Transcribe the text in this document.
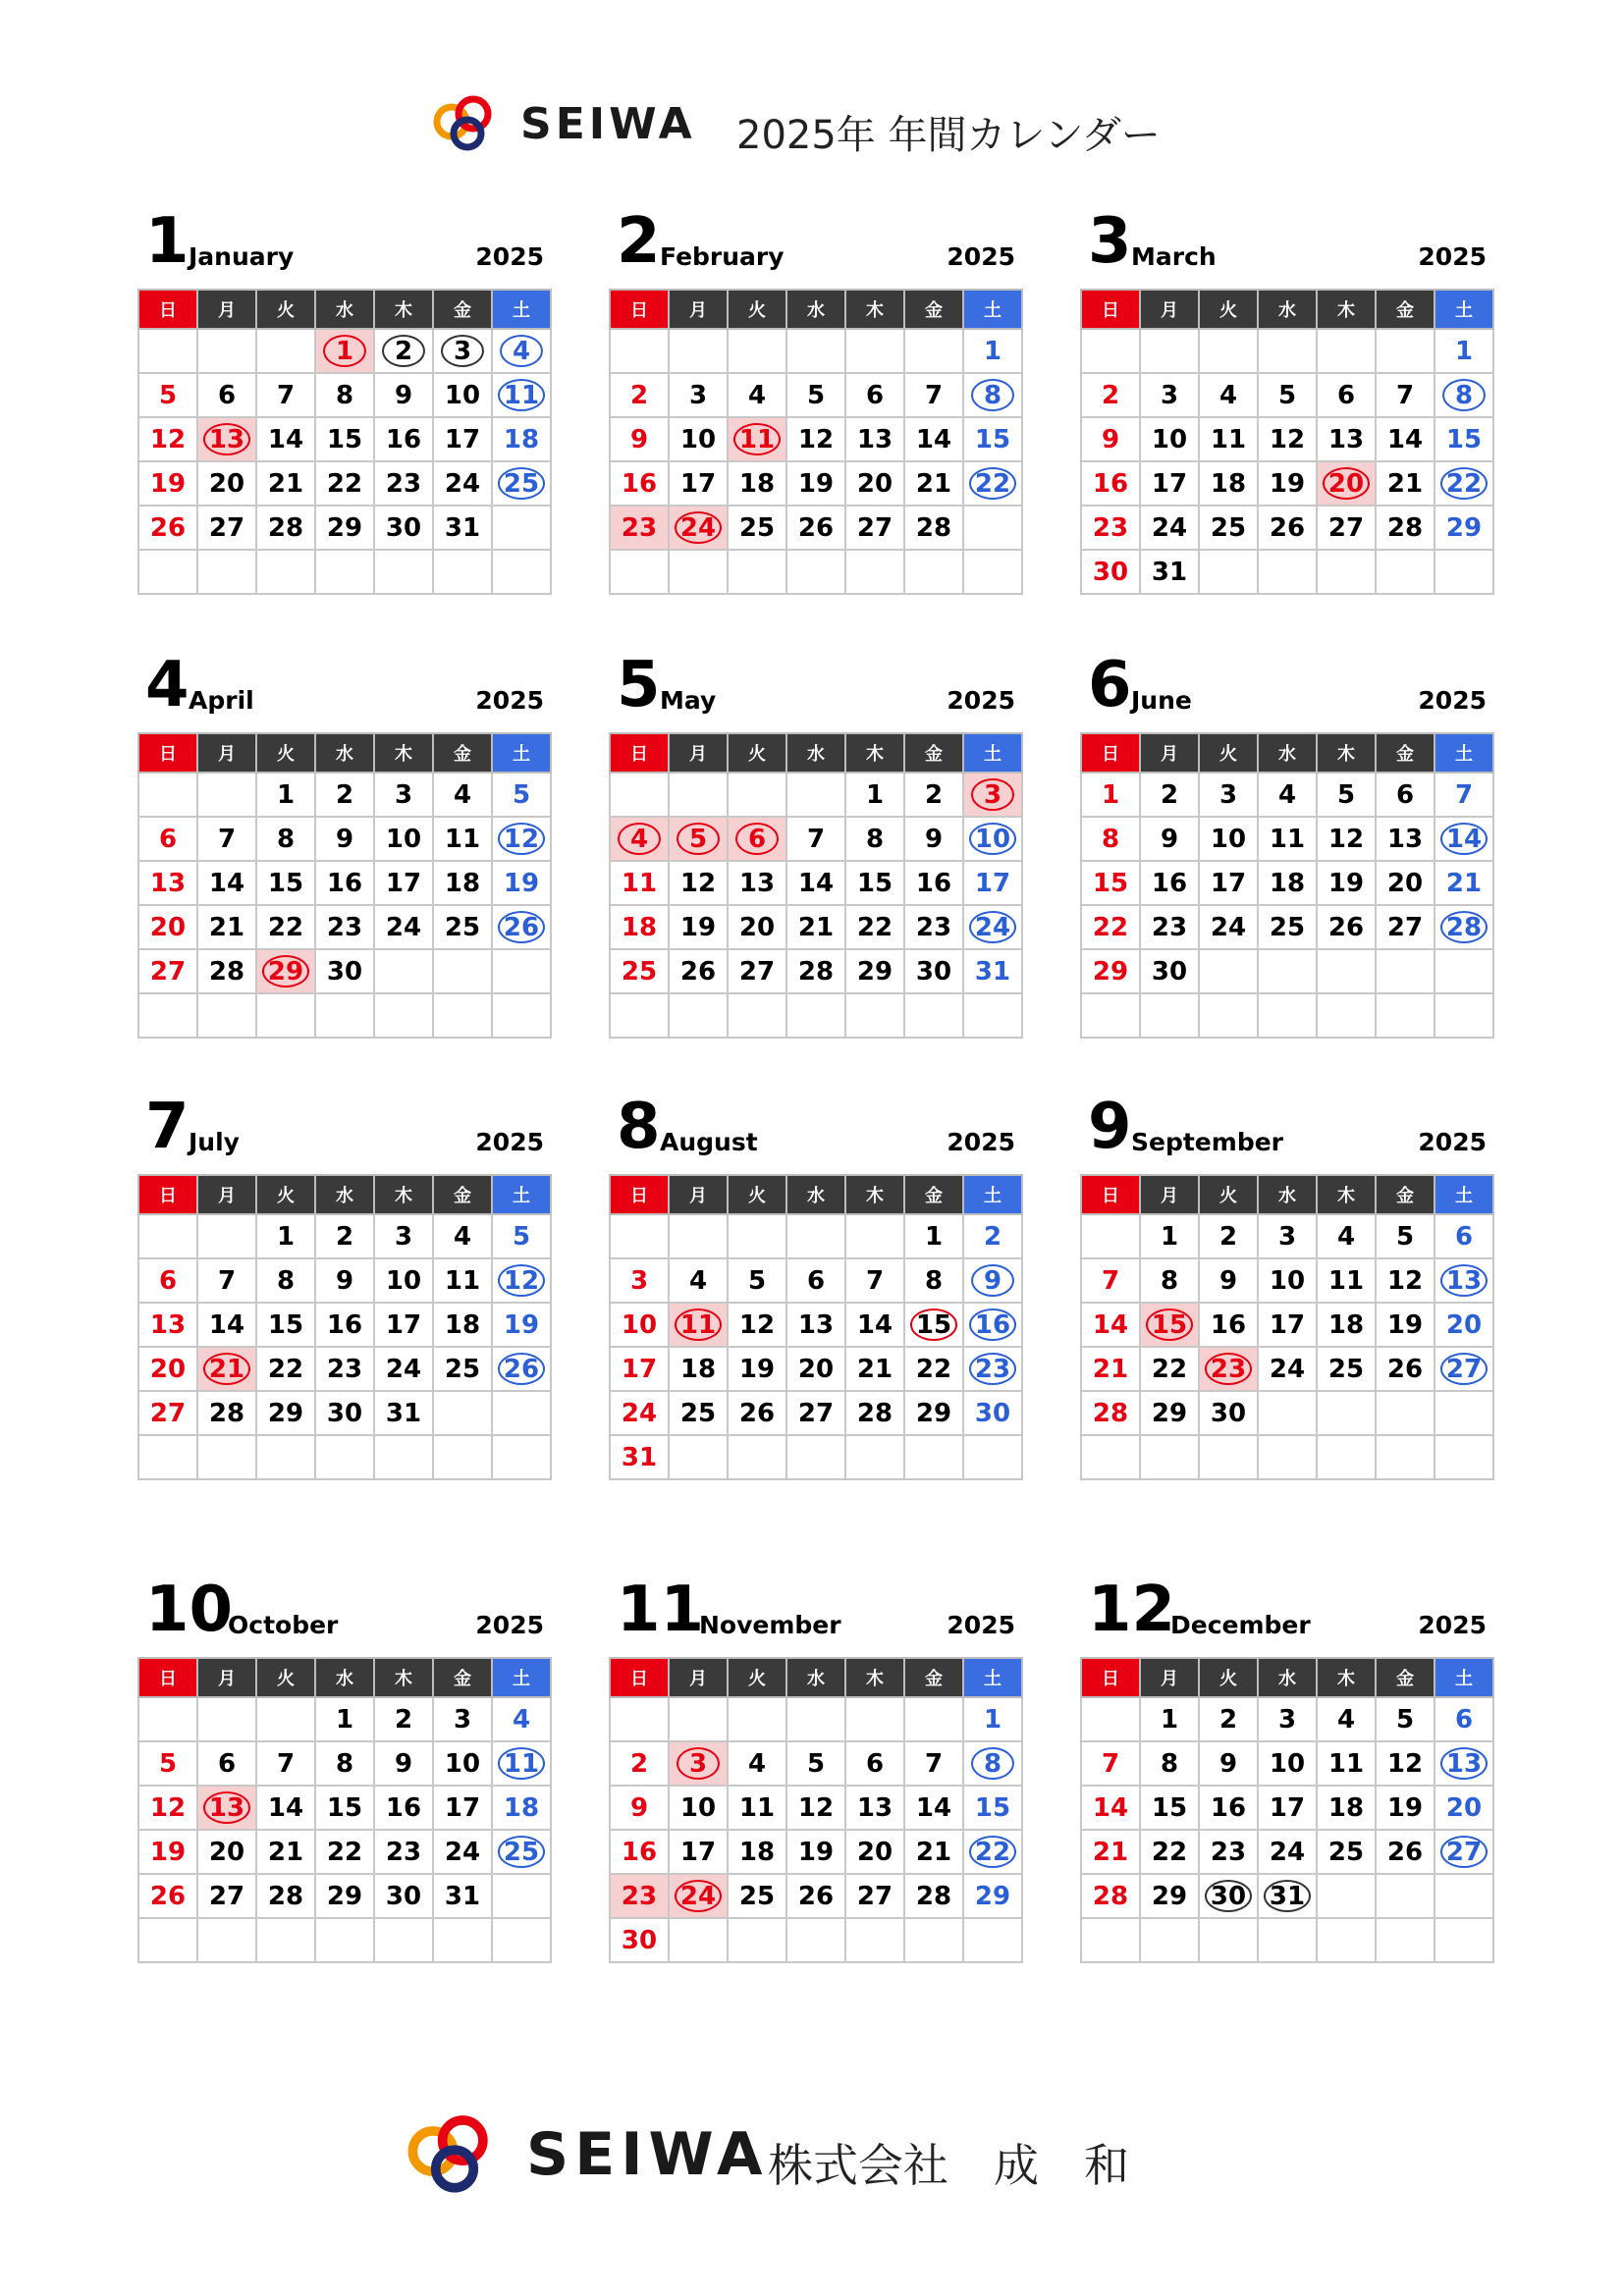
SEIWA 2025年 年間カレンダー
1 January	2025
日	月	火	水	木	金	土
			1	2	3	4
5	6	7	8	9	10	11
12	13	14	15	16	17	18
19	20	21	22	23	24	25
26	27	28	29	30	31	

2 February	2025
日	月	火	水	木	金	土
						1
2	3	4	5	6	7	8
9	10	11	12	13	14	15
16	17	18	19	20	21	22
23	24	25	26	27	28	

3 March	2025
日	月	火	水	木	金	土
						1
2	3	4	5	6	7	8
9	10	11	12	13	14	15
16	17	18	19	20	21	22
23	24	25	26	27	28	29
30	31					
4 April	2025
日	月	火	水	木	金	土
		1	2	3	4	5
6	7	8	9	10	11	12
13	14	15	16	17	18	19
20	21	22	23	24	25	26
27	28	29	30			

5 May	2025
日	月	火	水	木	金	土
				1	2	3
4	5	6	7	8	9	10
11	12	13	14	15	16	17
18	19	20	21	22	23	24
25	26	27	28	29	30	31

6 June	2025
日	月	火	水	木	金	土
1	2	3	4	5	6	7
8	9	10	11	12	13	14
15	16	17	18	19	20	21
22	23	24	25	26	27	28
29	30					

7 July	2025
日	月	火	水	木	金	土
		1	2	3	4	5
6	7	8	9	10	11	12
13	14	15	16	17	18	19
20	21	22	23	24	25	26
27	28	29	30	31		

8 August	2025
日	月	火	水	木	金	土
					1	2
3	4	5	6	7	8	9
10	11	12	13	14	15	16
17	18	19	20	21	22	23
24	25	26	27	28	29	30
31						
9 September	2025
日	月	火	水	木	金	土
	1	2	3	4	5	6
7	8	9	10	11	12	13
14	15	16	17	18	19	20
21	22	23	24	25	26	27
28	29	30				

10
October	2025
日	月	火	水	木	金	土
			1	2	3	4
5	6	7	8	9	10	11
12	13	14	15	16	17	18
19	20	21	22	23	24	25
26	27	28	29	30	31	

11
November	2025
日	月	火	水	木	金	土
						1
2	3	4	5	6	7	8
9	10	11	12	13	14	15
16	17	18	19	20	21	22
23	24	25	26	27	28	29
30						
12
December	2025
日	月	火	水	木	金	土
	1	2	3	4	5	6
7	8	9	10	11	12	13
14	15	16	17	18	19	20
21	22	23	24	25	26	27
28	29	30	31			

SEIWA 株式会社　成　和
